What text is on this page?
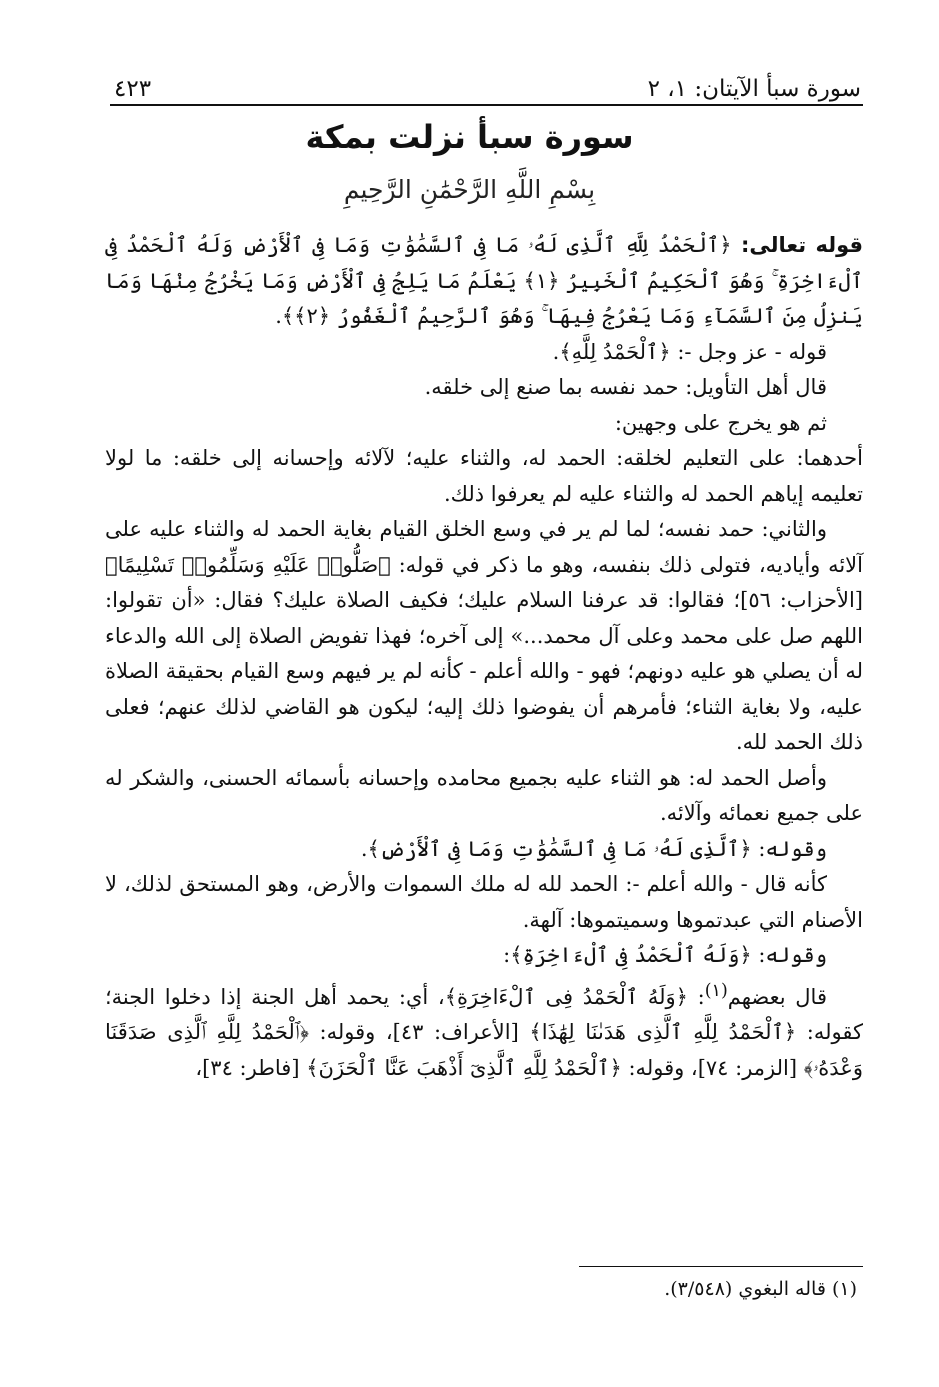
سورة سبأ الآيتان: ١، ٢
٤٢٣
سورة سبأ نزلت بمكة
بِسْمِ اللَّهِ الرَّحْمَٰنِ الرَّحِيمِ

قوله تعالى: ﴿ٱلْحَمْدُ لِلَّهِ ٱلَّذِى لَهُۥ مَا فِى ٱلسَّمَٰوَٰتِ وَمَا فِى ٱلْأَرْضِ وَلَهُ ٱلْحَمْدُ فِى ٱلْءَاخِرَةِ ۚ وَهُوَ ٱلْحَكِيمُ ٱلْخَبِيرُ ﴿١﴾ يَعْلَمُ مَا يَلِجُ فِى ٱلْأَرْضِ وَمَا يَخْرُجُ مِنْهَا وَمَا يَنزِلُ مِنَ ٱلسَّمَآءِ وَمَا يَعْرُجُ فِيهَا ۚ وَهُوَ ٱلرَّحِيمُ ٱلْغَفُورُ ﴿٢﴾﴾.

قوله - عز وجل -: ﴿ٱلْحَمْدُ لِلَّهِ﴾.

قال أهل التأويل: حمد نفسه بما صنع إلى خلقه.

ثم هو يخرج على وجهين:

أحدهما: على التعليم لخلقه: الحمد له، والثناء عليه؛ لآلائه وإحسانه إلى خلقه: ما لولا تعليمه إياهم الحمد له والثناء عليه لم يعرفوا ذلك.

والثاني: حمد نفسه؛ لما لم ير في وسع الخلق القيام بغاية الحمد له والثناء عليه على آلائه وأياديه، فتولى ذلك بنفسه، وهو ما ذكر في قوله: ﴿صَلُّوا۟ عَلَيْهِ وَسَلِّمُوا۟ تَسْلِيمًا﴾ [الأحزاب: ٥٦]؛ فقالوا: قد عرفنا السلام عليك؛ فكيف الصلاة عليك؟ فقال: «أن تقولوا: اللهم صل على محمد وعلى آل محمد...» إلى آخره؛ فهذا تفويض الصلاة إلى الله والدعاء له أن يصلي هو عليه دونهم؛ فهو - والله أعلم - كأنه لم ير فيهم وسع القيام بحقيقة الصلاة عليه، ولا بغاية الثناء؛ فأمرهم أن يفوضوا ذلك إليه؛ ليكون هو القاضي لذلك عنهم؛ فعلى ذلك الحمد لله.

وأصل الحمد له: هو الثناء عليه بجميع محامده وإحسانه بأسمائه الحسنى، والشكر له على جميع نعمائه وآلائه.

وقوله: ﴿ٱلَّذِى لَهُۥ مَا فِى ٱلسَّمَٰوَٰتِ وَمَا فِى ٱلْأَرْضِ﴾.

كأنه قال - والله أعلم -: الحمد لله له ملك السموات والأرض، وهو المستحق لذلك، لا الأصنام التي عبدتموها وسميتموها: آلهة.

وقوله: ﴿وَلَهُ ٱلْحَمْدُ فِى ٱلْءَاخِرَةِ﴾:

قال بعضهم$^{(١)}$: ﴿وَلَهُ ٱلْحَمْدُ فِى ٱلْءَاخِرَةِ﴾، أي: يحمد أهل الجنة إذا دخلوا الجنة؛ كقوله: ﴿ٱلْحَمْدُ لِلَّهِ ٱلَّذِى هَدَىٰنَا لِهَٰذَا﴾ [الأعراف: ٤٣]، وقوله: ﴿ٱلْحَمْدُ لِلَّهِ ٱلَّذِى صَدَقَنَا وَعْدَهُۥ﴾ [الزمر: ٧٤]، وقوله: ﴿ٱلْحَمْدُ لِلَّهِ ٱلَّذِىٓ أَذْهَبَ عَنَّا ٱلْحَزَنَ﴾ [فاطر: ٣٤]،

(١) قاله البغوي (٣/٥٤٨).
